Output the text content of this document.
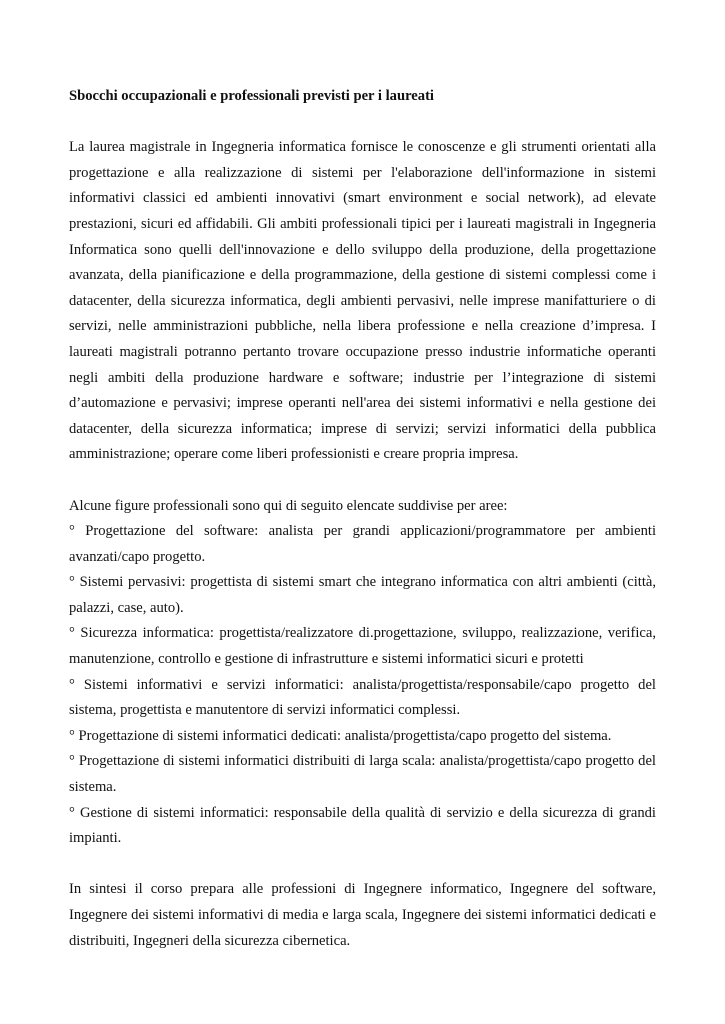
Sbocchi occupazionali e professionali previsti per i laureati

La laurea magistrale in Ingegneria informatica fornisce le conoscenze e gli strumenti orientati alla progettazione e alla realizzazione di sistemi per l'elaborazione dell'informazione in sistemi informativi classici ed ambienti innovativi (smart environment e social network), ad elevate prestazioni, sicuri ed affidabili. Gli ambiti professionali tipici per i laureati magistrali in Ingegneria Informatica sono quelli dell'innovazione e dello sviluppo della produzione, della progettazione avanzata, della pianificazione e della programmazione, della gestione di sistemi complessi come i datacenter, della sicurezza informatica, degli ambienti pervasivi, nelle imprese manifatturiere o di servizi, nelle amministrazioni pubbliche, nella libera professione e nella creazione d’impresa. I laureati magistrali potranno pertanto trovare occupazione presso industrie informatiche operanti negli ambiti della produzione hardware e software; industrie per l’integrazione di sistemi d’automazione e pervasivi; imprese operanti nell'area dei sistemi informativi e nella gestione dei datacenter, della sicurezza informatica; imprese di servizi; servizi informatici della pubblica amministrazione; operare come liberi professionisti e creare propria impresa.

Alcune figure professionali sono qui di seguito elencate suddivise per aree:

° Progettazione del software: analista per grandi applicazioni/programmatore per ambienti avanzati/capo progetto.

° Sistemi pervasivi: progettista di sistemi smart che integrano informatica con altri ambienti (città, palazzi, case, auto).

° Sicurezza informatica: progettista/realizzatore di.progettazione, sviluppo, realizzazione, verifica, manutenzione, controllo e gestione di infrastrutture e sistemi informatici sicuri e protetti

° Sistemi informativi e servizi informatici: analista/progettista/responsabile/capo progetto del sistema, progettista e manutentore di servizi informatici complessi.

° Progettazione di sistemi informatici dedicati: analista/progettista/capo progetto del sistema.

° Progettazione di sistemi informatici distribuiti di larga scala: analista/progettista/capo progetto del sistema.

° Gestione di sistemi informatici: responsabile della qualità di servizio e della sicurezza di grandi impianti.

In sintesi il corso prepara alle professioni di Ingegnere informatico, Ingegnere del software, Ingegnere dei sistemi informativi di media e larga scala, Ingegnere dei sistemi informatici dedicati e distribuiti, Ingegneri della sicurezza cibernetica.
